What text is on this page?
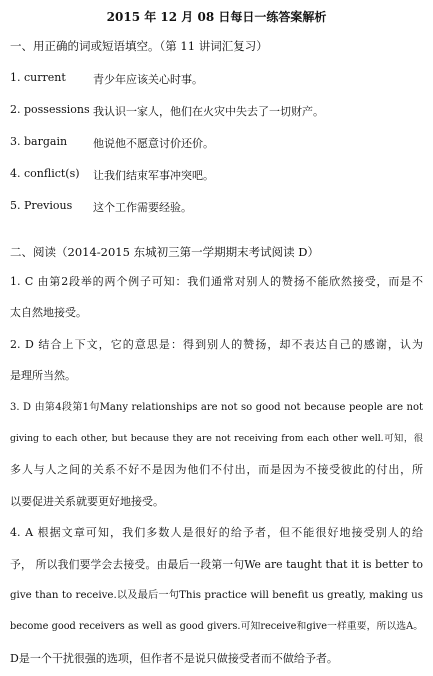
2015 年 12 月 08 日每日一练答案解析
一、用正确的词或短语填空。（第 11 讲词汇复习）
1. current 青少年应该关心时事。
2. possessions 我认识一家人，他们在火灾中失去了一切财产。
3. bargain 他说他不愿意讨价还价。
4. conflict(s) 让我们结束军事冲突吧。
5. Previous 这个工作需要经验。
二、阅读（2014-2015 东城初三第一学期期末考试阅读 D）
1. C 由第2段举的两个例子可知：我们通常对别人的赞扬不能欣然接受，而是不
太自然地接受。
2. D 结合上下文，它的意思是：得到别人的赞扬，却不表达自己的感谢，认为
是理所当然。
3. D 由第4段第1句Many relationships are not so good not because people are not
giving to each other, but because they are not receiving from each other well.可知，很
多人与人之间的关系不好不是因为他们不付出，而是因为不接受彼此的付出，所
以要促进关系就要更好地接受。
4. A 根据文章可知，我们多数人是很好的给予者，但不能很好地接受别人的给
予， 所以我们要学会去接受。由最后一段第一句We are taught that it is better to
give than to receive.以及最后一句This practice will benefit us greatly, making us
become good receivers as well as good givers.可知receive和give一样重要，所以选A。
D是一个干扰很强的选项，但作者不是说只做接受者而不做给予者。
